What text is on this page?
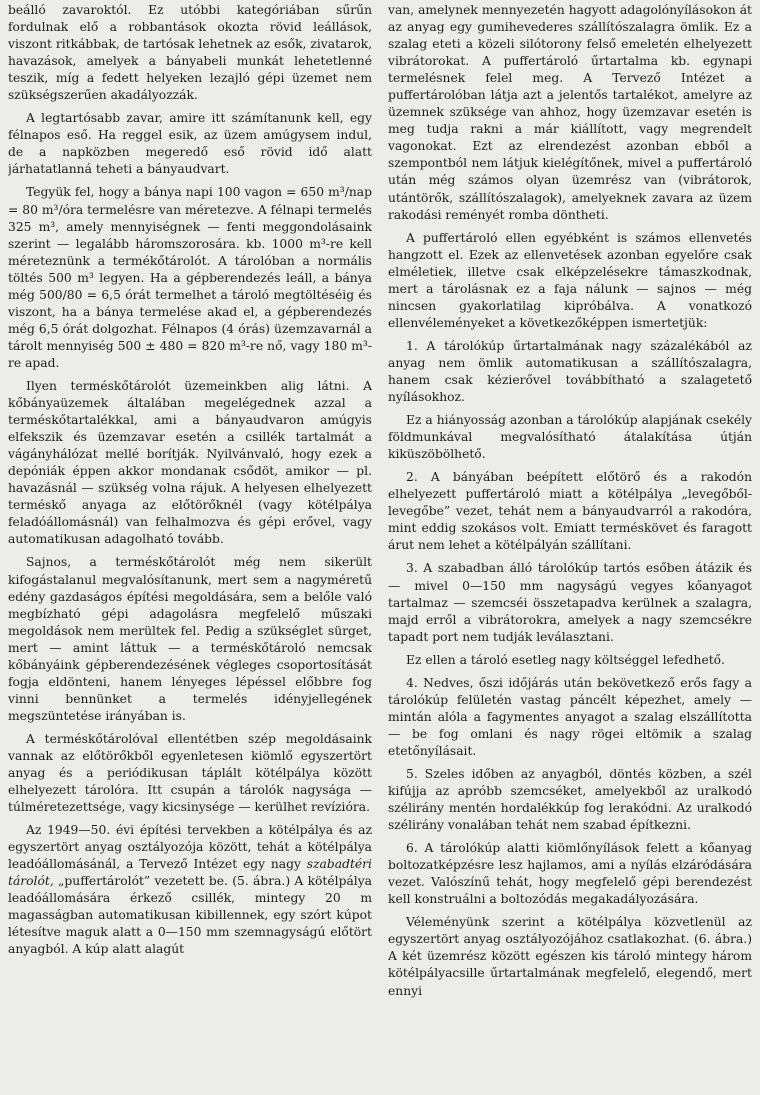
beálló zavaroktól. Ez utóbbi kategóriában sűrűn fordulnak elő a robbantások okozta rövid leállások, viszont ritkábbak, de tartósak lehetnek az esők, zivatarok, havazások, amelyek a bányabeli munkát lehetetlenné teszik, míg a fedett helyeken lezajló gépi üzemet nem szükségszerűen akadályozzák.

A legtartósabb zavar, amire itt számítanunk kell, egy félnapos eső. Ha reggel esik, az üzem amúgysem indul, de a napközben megeredő eső rövid idő alatt járhatatlanná teheti a bányaudvart.

Tegyük fel, hogy a bánya napi 100 vagon = 650 m³/nap = 80 m³/óra termelésre van méretezve. A félnapi termelés 325 m³, amely mennyiségnek — fenti meggondolásaink szerint — legalább háromszorosára. kb. 1000 m³-re kell méreteznünk a termékőtárolót. A tárolóban a normális töltés 500 m³ legyen. Ha a gépberendezés leáll, a bánya még 500/80 = 6,5 órát termelhet a tároló megtöltéséig és viszont, ha a bánya termelése akad el, a gépberendezés még 6,5 órát dolgozhat. Félnapos (4 órás) üzemzavarnál a tárolt mennyiség 500 ± 480 = 820 m³-re nő, vagy 180 m³-re apad.

Ilyen terméskőtárolót üzemeinkben alig látni. A kőbányaüzemek általában megelégednek azzal a terméskőtartalékkal, ami a bányaudvaron amúgyis elfekszik és üzemzavar esetén a csillék tartalmát a vágányhálózat mellé borítják. Nyilvánvaló, hogy ezek a depóniák éppen akkor mondanak csődöt, amikor — pl. havazásnál — szükség volna rájuk. A helyesen elhelyezett terméskő anyaga az előtörőknél (vagy kötélpálya feladóállomásnál) van felhalmozva és gépi erővel, vagy automatikusan adagolható tovább.

Sajnos, a terméskőtárolót még nem sikerült kifogástalanul megvalósítanunk, mert sem a nagyméretű edény gazdaságos építési megoldására, sem a belőle való megbízható gépi adagolásra megfelelő műszaki megoldások nem merültek fel. Pedig a szükséglet sürget, mert — amint láttuk — a terméskőtároló nemcsak kőbányáink gépberendezésének végleges csoportosítását fogja eldönteni, hanem lényeges lépéssel előbbre fog vinni bennünket a termelés idényjellegének megszüntetése irányában is.

A terméskőtárolóval ellentétben szép megoldásaink vannak az előtörőkből egyenletesen kiömlő egyszertört anyag és a periódikusan táplált kötélpálya között elhelyezett tárolóra. Itt csupán a tárolók nagysága — túlméretezettsége, vagy kicsinysége — kerülhet revízióra.

Az 1949—50. évi építési tervekben a kötélpálya és az egyszertört anyag osztályozója között, tehát a kötélpálya leadóállomásánál, a Tervező Intézet egy nagy szabadtéri tárolót, „puffertárolót” vezetett be. (5. ábra.) A kötélpálya leadóállomására érkező csillék, mintegy 20 m magasságban automatikusan kibillennek, egy szórt kúpot létesítve maguk alatt a 0—150 mm szemnagyságú előtört anyagból. A kúp alatt alagút

van, amelynek mennyezetén hagyott adagolónyílásokon át az anyag egy gumihevederes szállítószalagra ömlik. Ez a szalag eteti a közeli silótorony felső emeletén elhelyezett vibrátorokat. A puffertároló űrtartalma kb. egynapi termelésnek felel meg. A Tervező Intézet a puffertárolóban látja azt a jelentős tartalékot, amelyre az üzemnek szüksége van ahhoz, hogy üzemzavar esetén is meg tudja rakni a már kiállított, vagy megrendelt vagonokat. Ezt az elrendezést azonban ebből a szempontból nem látjuk kielégítőnek, mivel a puffertároló után még számos olyan üzemrész van (vibrátorok, utántörők, szállítószalagok), amelyeknek zavara az üzem rakodási reményét romba döntheti.

A puffertároló ellen egyébként is számos ellenvetés hangzott el. Ezek az ellenvetések azonban egyelőre csak elméletiek, illetve csak elképzelésekre támaszkodnak, mert a tárolásnak ez a faja nálunk — sajnos — még nincsen gyakorlatilag kipróbálva. A vonatkozó ellenvéleményeket a következőképpen ismertetjük:

1. A tárolókúp űrtartalmának nagy százalékából az anyag nem ömlik automatikusan a szállítószalagra, hanem csak kézierővel továbbítható a szalagetető nyílásokhoz.

Ez a hiányosság azonban a tárolókúp alapjának csekély földmunkával megvalósítható átalakítása útján kiküszöbölhető.

2. A bányában beépített előtörő és a rakodón elhelyezett puffertároló miatt a kötélpálya „levegőből-levegőbe” vezet, tehát nem a bányaudvarról a rakodóra, mint eddig szokásos volt. Emiatt terméskövet és faragott árut nem lehet a kötélpályán szállítani.

3. A szabadban álló tárolókúp tartós esőben átázik és — mivel 0—150 mm nagyságú vegyes kőanyagot tartalmaz — szemcséi összetapadva kerülnek a szalagra, majd erről a vibrátorokra, amelyek a nagy szemcsékre tapadt port nem tudják leválasztani.

Ez ellen a tároló esetleg nagy költséggel lefedhető.

4. Nedves, őszi időjárás után bekövetkező erős fagy a tárolókúp felületén vastag páncélt képezhet, amely — mintán alóla a fagymentes anyagot a szalag elszállította — be fog omlani és nagy rögei eltömik a szalag etetőnyílásait.

5. Szeles időben az anyagból, döntés közben, a szél kifújja az apróbb szemcséket, amelyekből az uralkodó szélirány mentén hordalékkúp fog lerakódni. Az uralkodó szélirány vonalában tehát nem szabad építkezni.

6. A tárolókúp alatti kiömlőnyílások felett a kőanyag boltozatképzésre lesz hajlamos, ami a nyílás elzáródására vezet. Valószínű tehát, hogy megfelelő gépi berendezést kell konstruálni a boltozódás megakadályozására.

Véleményünk szerint a kötélpálya közvetlenül az egyszertört anyag osztályozójához csatlakozhat. (6. ábra.) A két üzemrész között egészen kis tároló mintegy három kötélpályacsille űrtartalmának megfelelő, elegendő, mert ennyi
